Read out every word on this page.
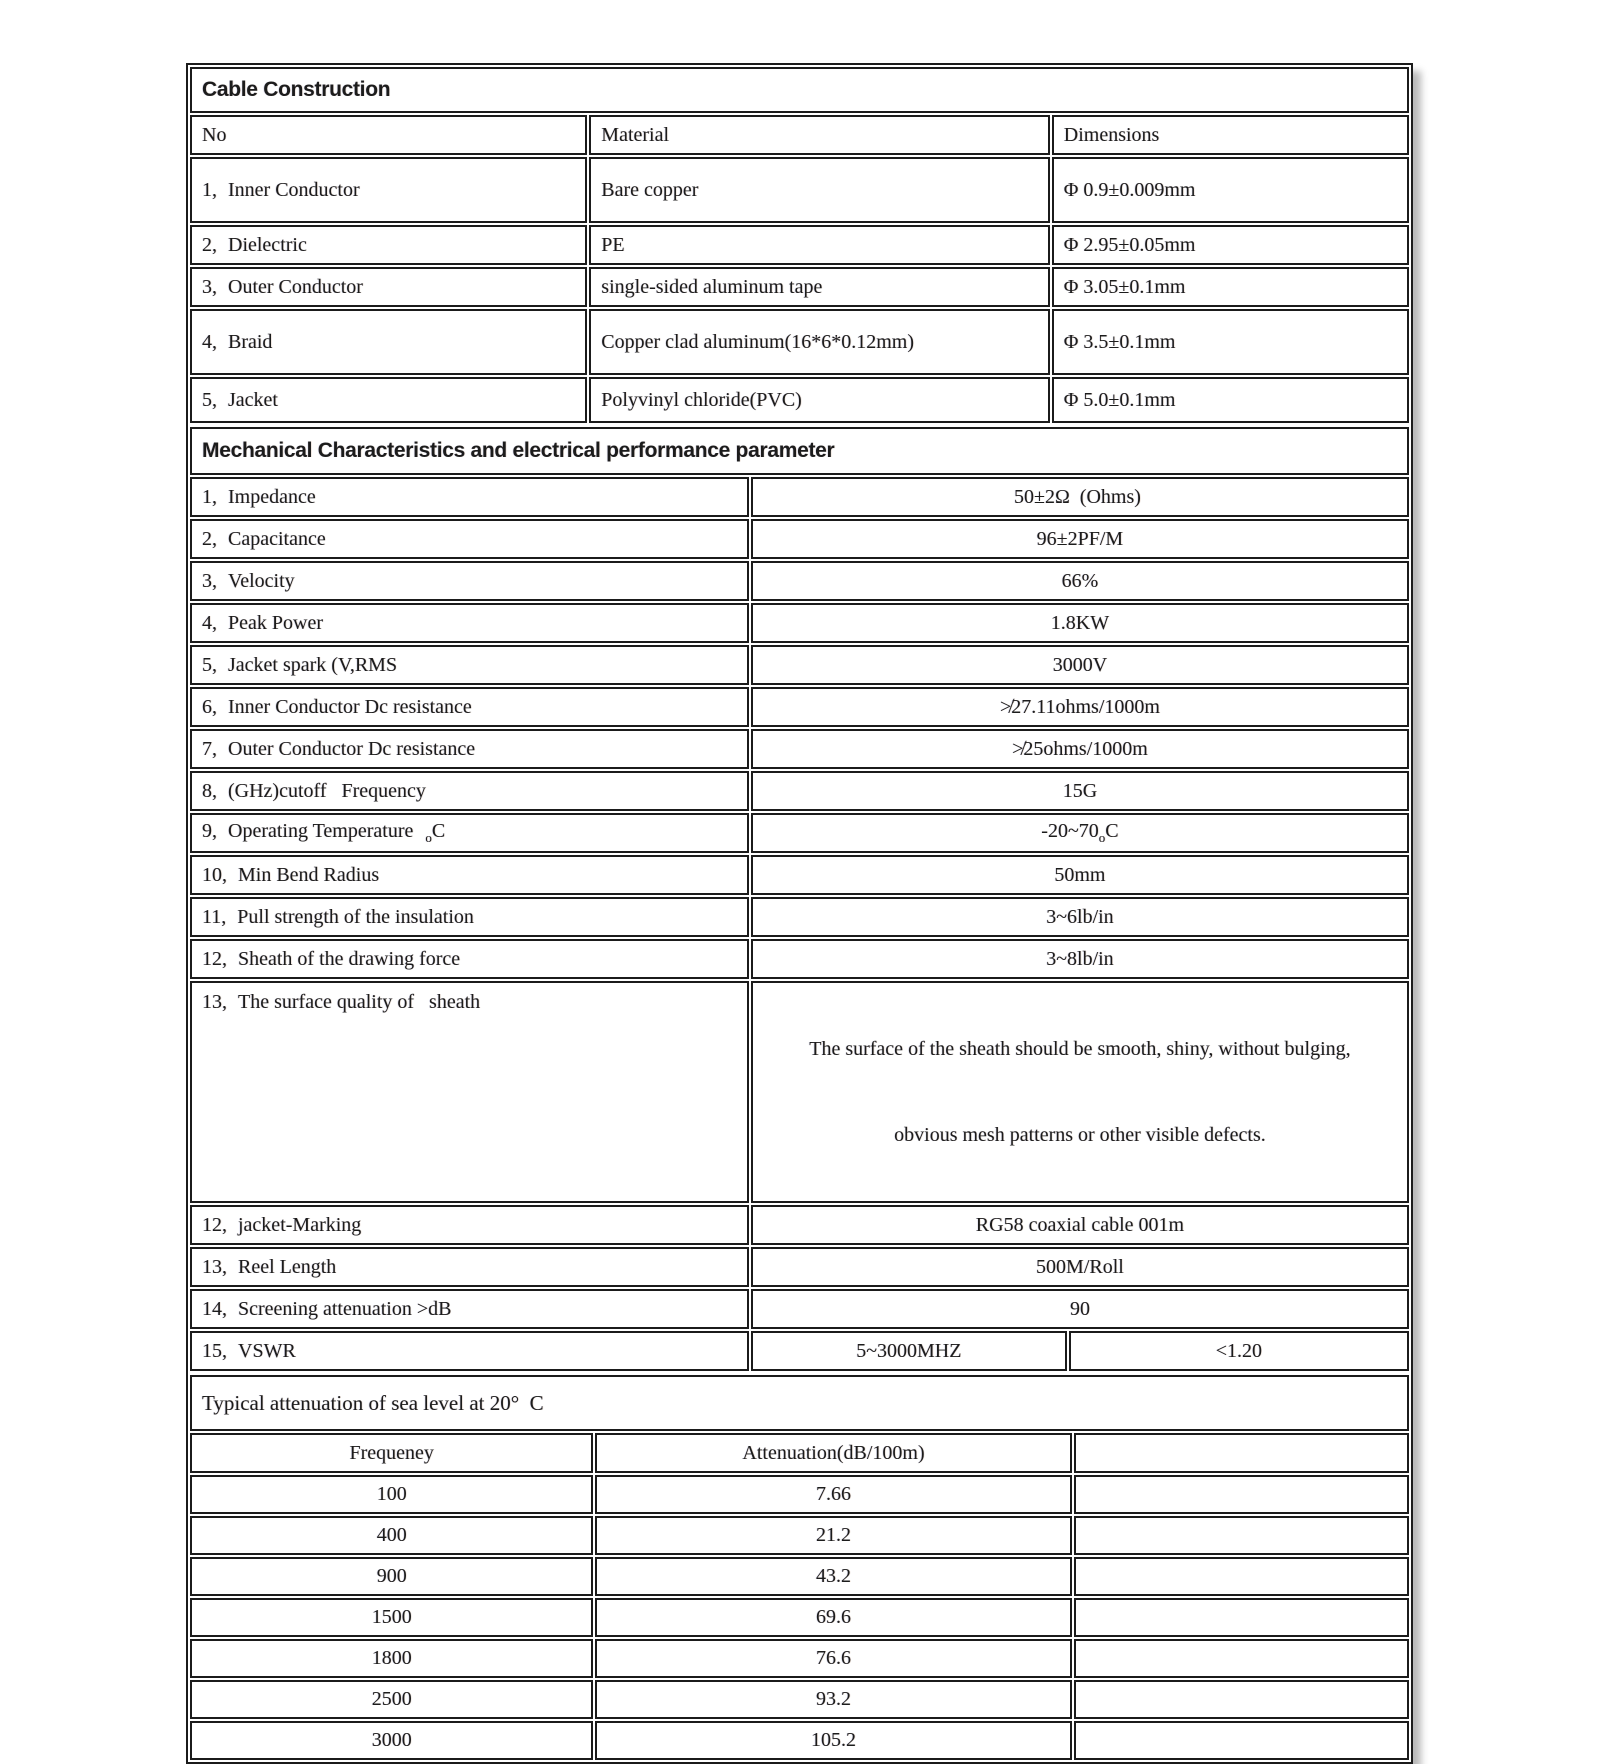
Cable Construction		
No	Material	Dimensions
1, Inner Conductor	Bare copper	Φ 0.9±0.009mm
2, Dielectric	PE	Φ 2.95±0.05mm
3, Outer Conductor	single-sided aluminum tape	Φ 3.05±0.1mm
4, Braid	Copper clad aluminum(16*6*0.12mm)	Φ 3.5±0.1mm
5, Jacket	Polyvinyl chloride(PVC)	Φ 5.0±0.1mm
Mechanical Characteristics and electrical performance parameter		
1, Impedance	50±2Ω  (Ohms)	
2, Capacitance	96±2PF/M	
3, Velocity	66%	
4, Peak Power	1.8KW	
5, Jacket spark (V,RMS	3000V	
6, Inner Conductor Dc resistance	≯27.11ohms/1000m	
7, Outer Conductor Dc resistance	≯25ohms/1000m	
8, (GHz)cutoff   Frequency	15G	
9, Operating Temperature $_o$C	$-20\sim 70_oC$	
10, Min Bend Radius	50mm	
11, Pull strength of the insulation	3~6lb/in	
12, Sheath of the drawing force	3~8lb/in	
13, The surface quality of   sheath	The surface of the sheath should be smooth, shiny, without bulging,

obvious mesh patterns or other visible defects.	

12, jacket-Marking	RG58 coaxial cable 001m	
13, Reel Length	500M/Roll	
14, Screening attenuation >dB	90	
15, VSWR	5~3000MHZ	<1.20
Typical attenuation of sea level at 20°  C		
Frequeney	Attenuation(dB/100m)	
100	7.66	
400	21.2	
900	43.2	
1500	69.6	
1800	76.6	
2500	93.2	
3000	105.2	
